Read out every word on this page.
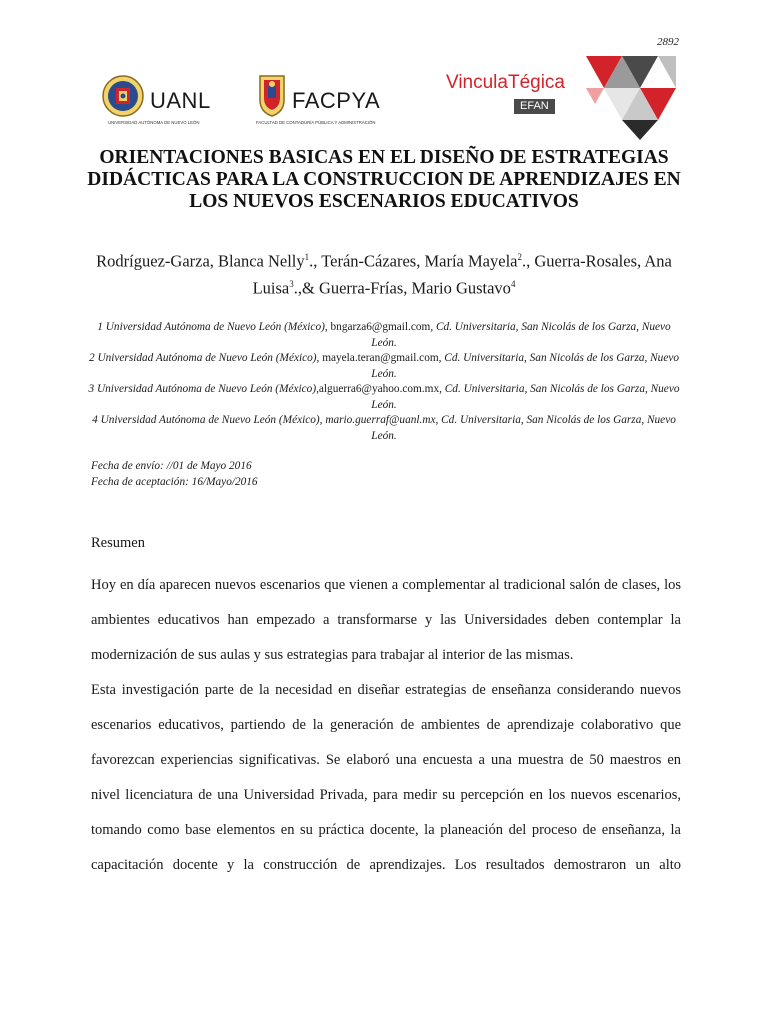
2892
UANL
UNIVERSIDAD AUTÓNOMA DE NUEVO LEÓN
FACPYA
FACULTAD DE CONTADURÍA PÚBLICA Y ADMINISTRACIÓN
VinculaTégica
EFAN
ORIENTACIONES BASICAS EN EL DISEÑO DE ESTRATEGIAS DIDÁCTICAS PARA LA CONSTRUCCION DE APRENDIZAJES EN LOS NUEVOS ESCENARIOS EDUCATIVOS
Rodríguez-Garza, Blanca Nelly$^1$., Terán-Cázares, María Mayela$^2$., Guerra-Rosales, Ana Luisa$^3$.,& Guerra-Frías, Mario Gustavo$^4$
1 Universidad Autónoma de Nuevo León (México), bngarza6@gmail.com, Cd. Universitaria, San Nicolás de los Garza, Nuevo León.
2 Universidad Autónoma de Nuevo León (México), mayela.teran@gmail.com, Cd. Universitaria, San Nicolás de los Garza, Nuevo León.
3 Universidad Autónoma de Nuevo León (México),alguerra6@yahoo.com.mx, Cd. Universitaria, San Nicolás de los Garza, Nuevo León.
4 Universidad Autónoma de Nuevo León (México), mario.guerraf@uanl.mx, Cd. Universitaria, San Nicolás de los Garza, Nuevo León.
Fecha de envío: //01 de Mayo 2016
Fecha de aceptación: 16/Mayo/2016
Resumen

Hoy en día aparecen nuevos escenarios que vienen a complementar al tradicional salón de clases, los ambientes educativos han empezado a transformarse y las Universidades deben contemplar la modernización de sus aulas y sus estrategias para trabajar al interior de las mismas.

Esta investigación parte de la necesidad en diseñar estrategias de enseñanza considerando nuevos escenarios educativos, partiendo de la generación de ambientes de aprendizaje colaborativo que favorezcan experiencias significativas. Se elaboró una encuesta a una muestra de 50 maestros en nivel licenciatura de una Universidad Privada, para medir su percepción en los nuevos escenarios, tomando como base elementos en su práctica docente, la planeación del proceso de enseñanza, la capacitación docente y la construcción de aprendizajes. Los resultados demostraron un alto
